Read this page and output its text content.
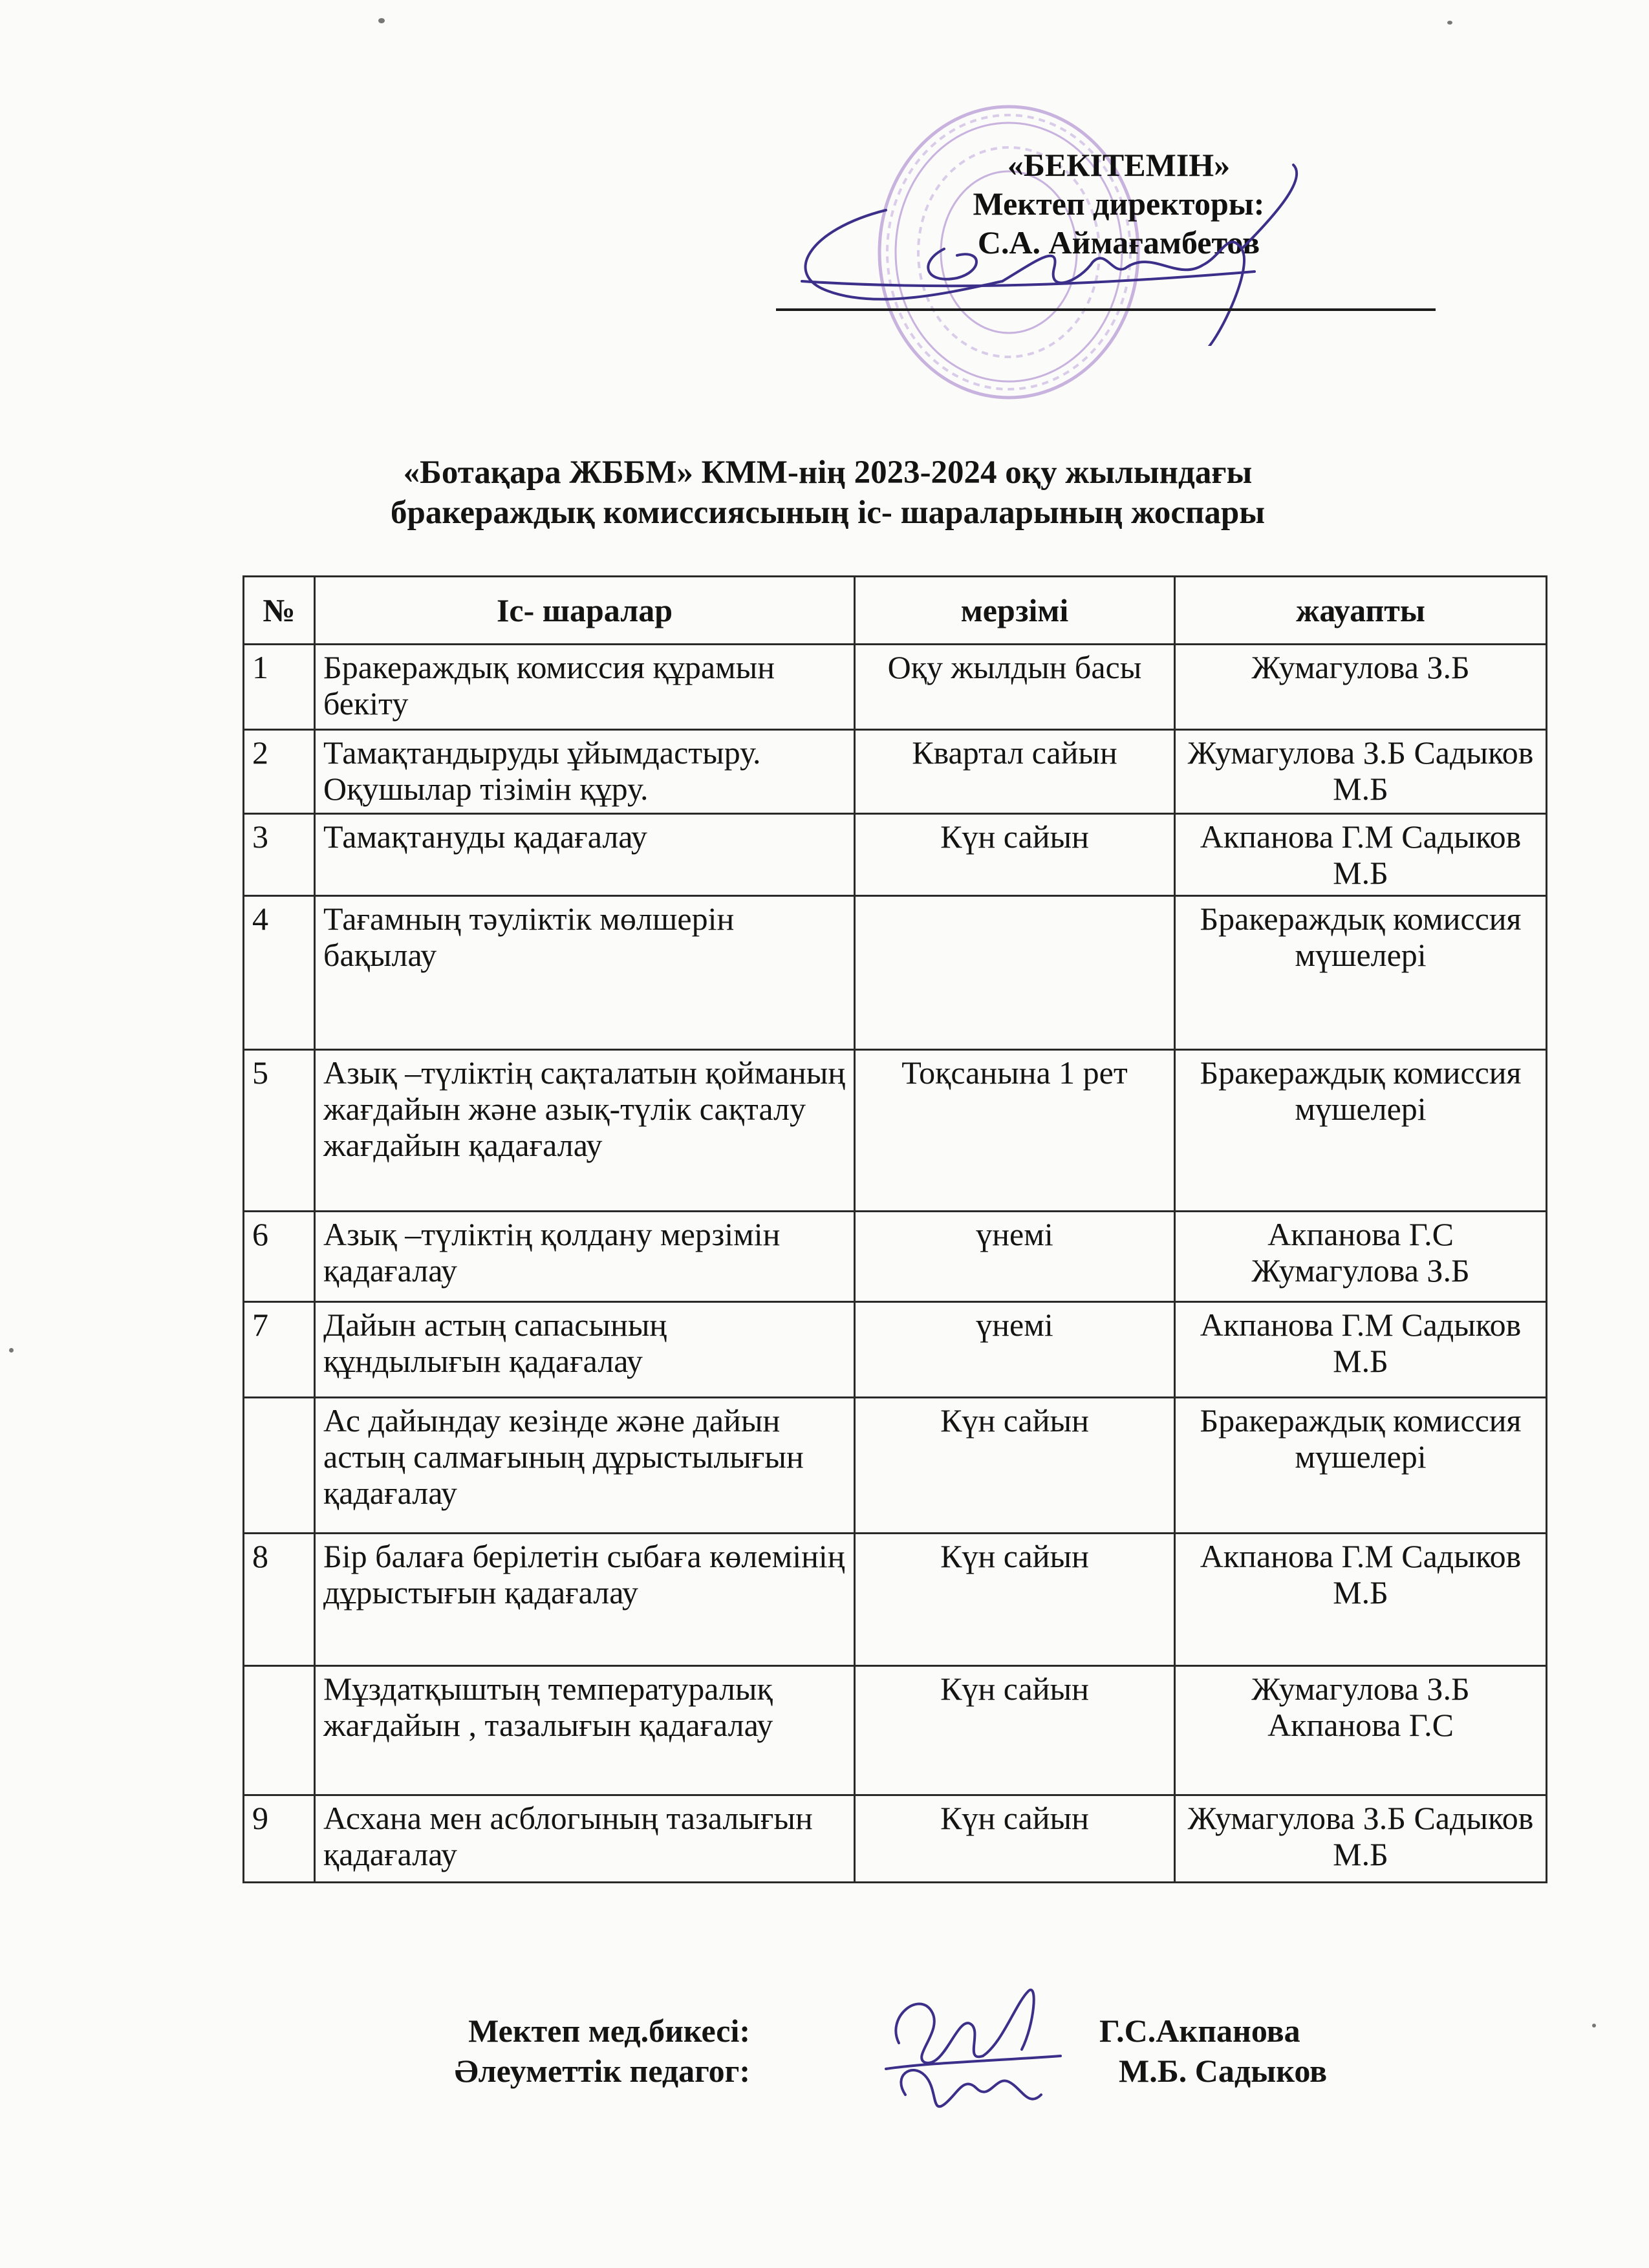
«БЕКІТЕМІН»
Мектеп директоры:
С.А. Аймағамбетов
«Ботақара ЖББМ» КММ-нің 2023-2024 оқу жылындағы
бракераждық комиссиясының іс- шараларының жоспары
№	Іс- шаралар	мерзімі	жауапты
1	Бракераждық комиссия құрамын бекіту	Оқу жылдын басы	Жумагулова З.Б
2	Тамақтандыруды ұйымдастыру. Оқушылар тізімін құру.	Квартал сайын	Жумагулова З.Б Садыков М.Б
3	Тамақтануды қадағалау	Күн сайын	Акпанова Г.М Садыков М.Б
4	Тағамның тәуліктік мөлшерін бақылау		Бракераждық комиссия мүшелері
5	Азық –түліктің сақталатын қойманың жағдайын және азық-түлік сақталу жағдайын қадағалау	Тоқсанына 1 рет	Бракераждық комиссия мүшелері
6	Азық –түліктің қолдану мерзімін қадағалау	үнемі	Акпанова Г.С Жумагулова З.Б
7	Дайын астың сапасының құндылығын қадағалау	үнемі	Акпанова Г.М Садыков М.Б
	Ас дайындау кезінде және дайын астың салмағының дұрыстылығын қадағалау	Күн сайын	Бракераждық комиссия мүшелері
8	Бір балаға берілетін сыбаға көлемінің дұрыстығын қадағалау	Күн сайын	Акпанова Г.М Садыков М.Б
	Мұздатқыштың температуралық жағдайын , тазалығын қадағалау	Күн сайын	Жумагулова З.Б Акпанова Г.С
9	Асхана мен асблогының тазалығын қадағалау	Күн сайын	Жумагулова З.Б Садыков М.Б
Мектеп мед.бикесі:
Әлеуметтік педагог:
Г.С.Акпанова
М.Б. Садыков
